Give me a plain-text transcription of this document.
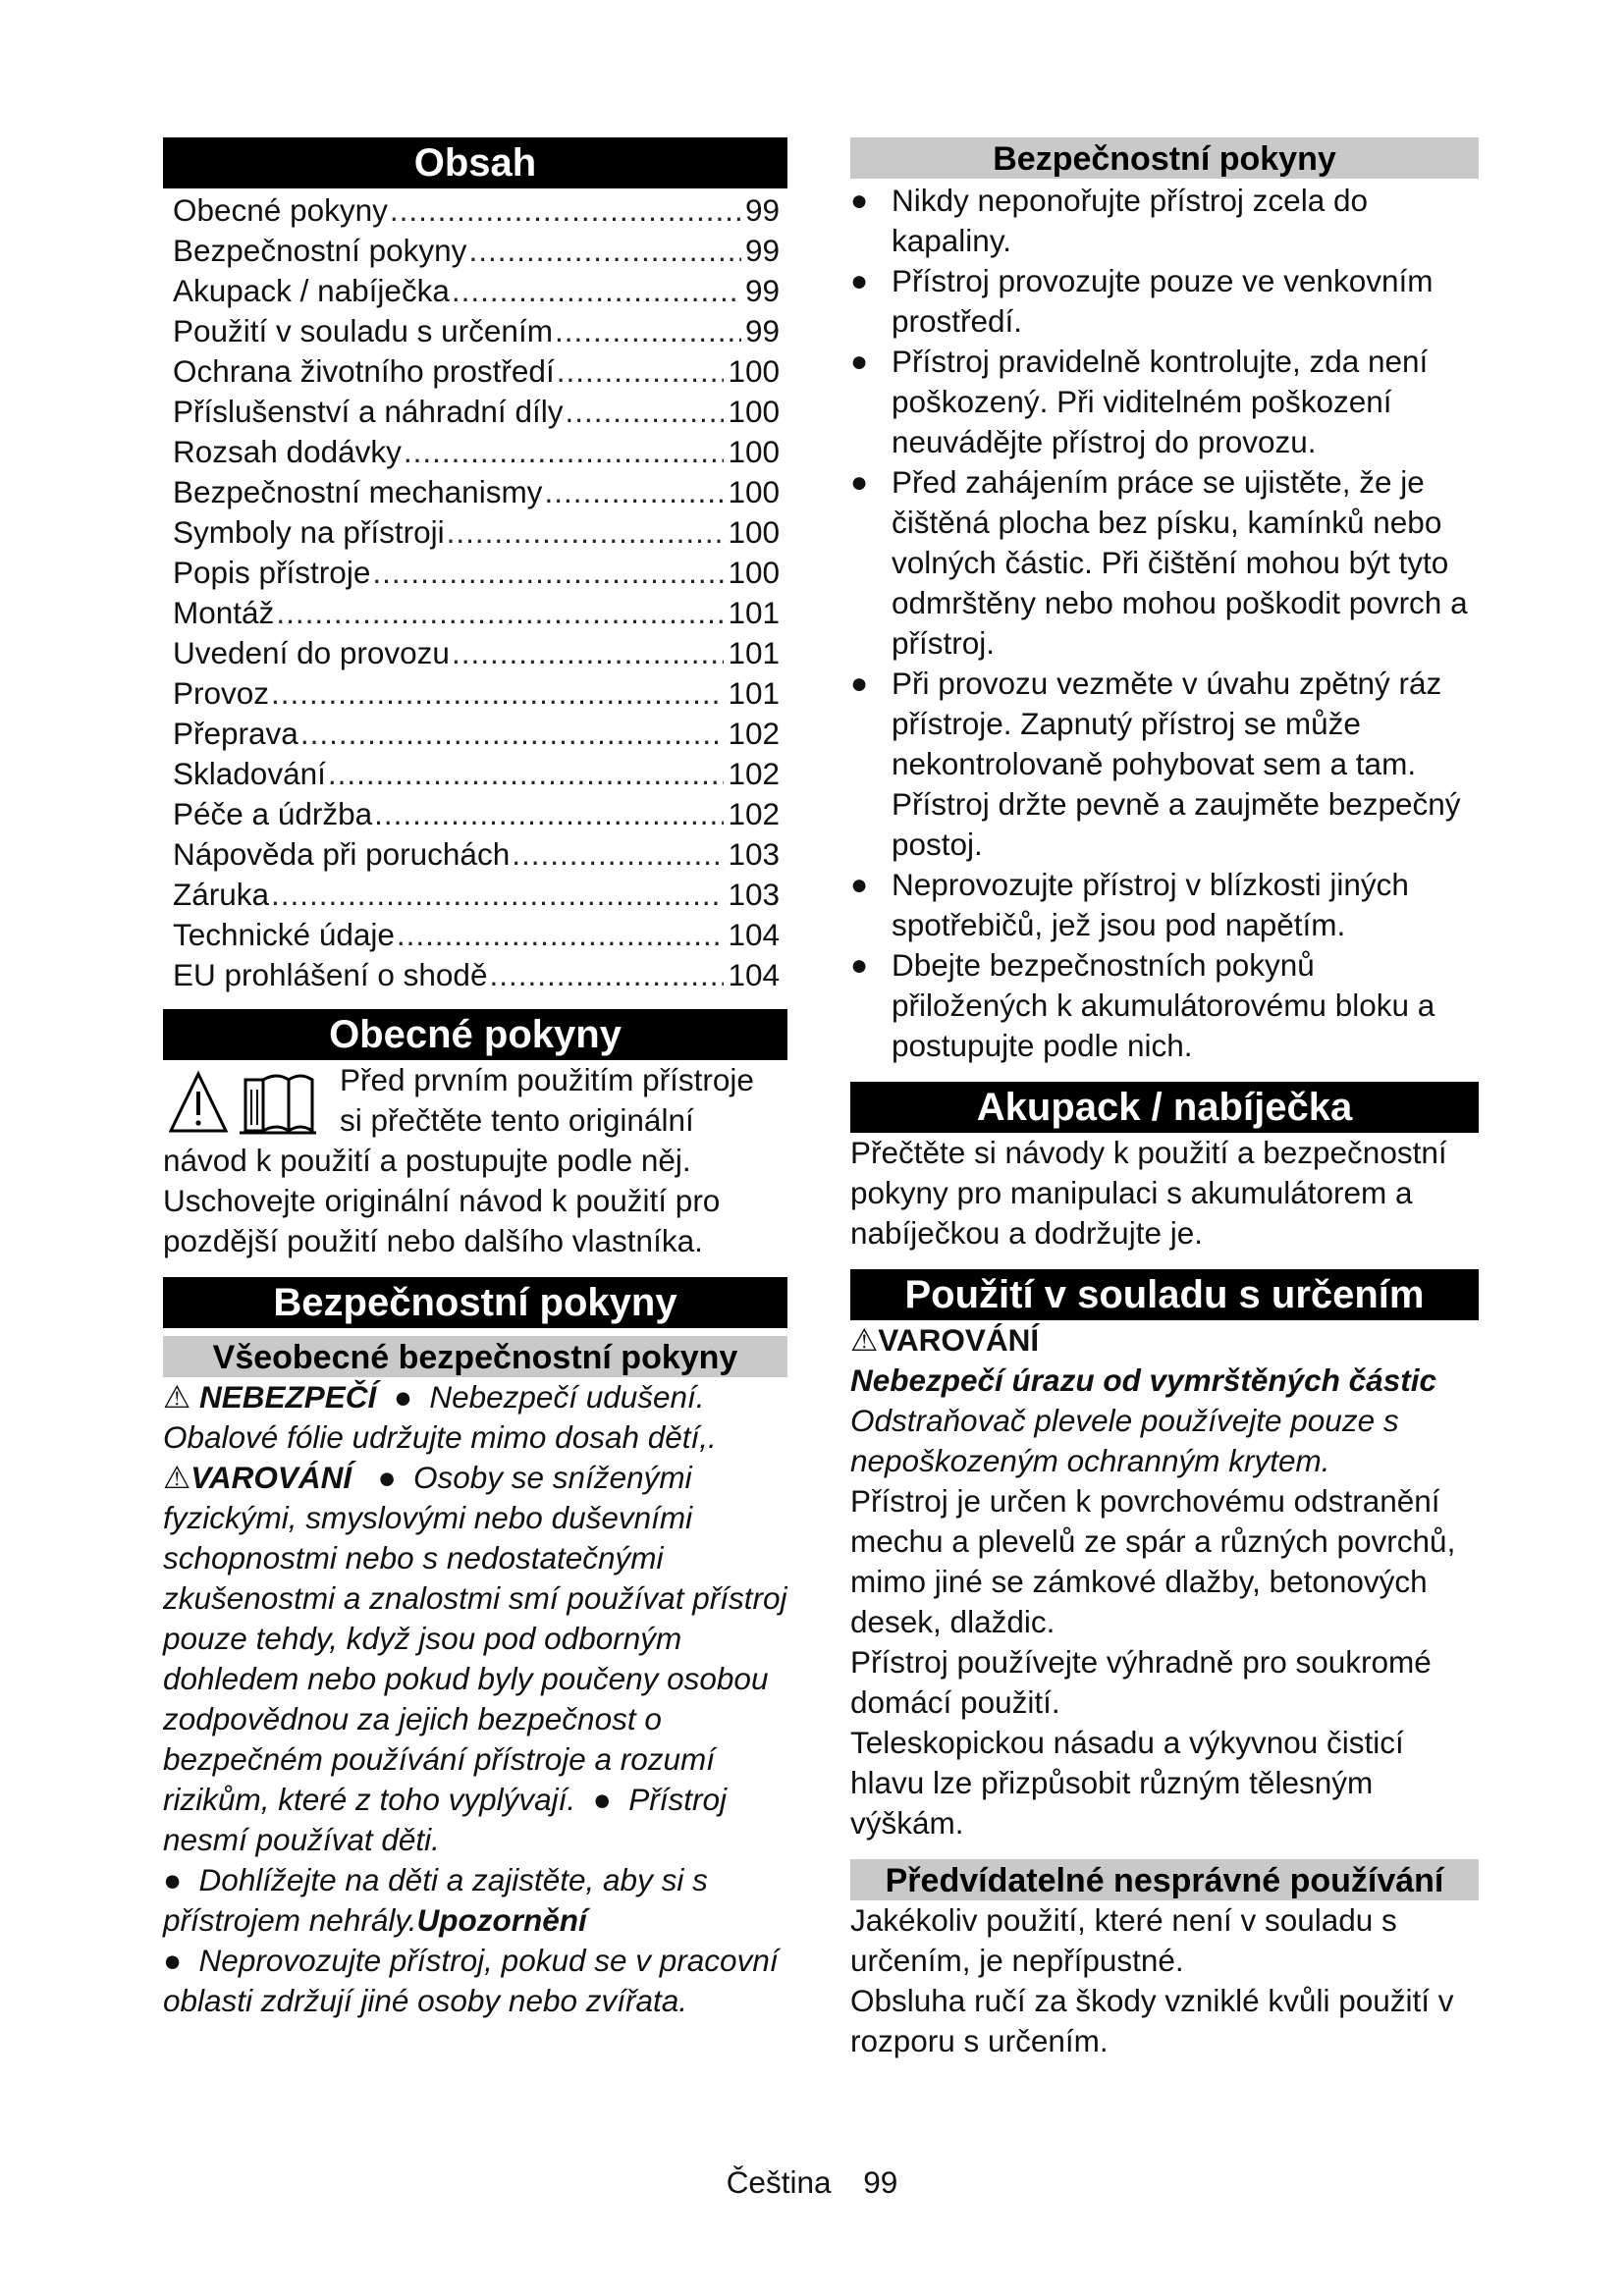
Obsah
Obecné pokyny .....	99
Bezpečnostní pokyny .....	99
Akupack / nabíječka .....	99
Použití v souladu s určením .....	99
Ochrana životního prostředí .....	100
Příslušenství a náhradní díly .....	100
Rozsah dodávky .....	100
Bezpečnostní mechanismy .....	100
Symboly na přístroji .....	100
Popis přístroje .....	100
Montáž .....	101
Uvedení do provozu .....	101
Provoz .....	101
Přeprava .....	102
Skladování .....	102
Péče a údržba .....	102
Nápověda při poruchách .....	103
Záruka .....	103
Technické údaje .....	104
EU prohlášení o shodě .....	104
Obecné pokyny
Před prvním použitím přístroje
si přečtěte tento originální
návod k použití a postupujte podle něj. Uschovejte originální návod k použití pro pozdější použití nebo dalšího vlastníka.
Bezpečnostní pokyny
Všeobecné bezpečnostní pokyny
⚠ NEBEZPEČÍ  ●  Nebezpečí udušení. Obalové fólie udržujte mimo dosah dětí,.
⚠VAROVÁNÍ   ●  Osoby se sníženými fyzickými, smyslovými nebo duševními schopnostmi nebo s nedostatečnými zkušenostmi a znalostmi smí používat přístroj pouze tehdy, když jsou pod odborným dohledem nebo pokud byly poučeny osobou zodpovědnou za jejich bezpečnost o bezpečném používání přístroje a rozumí rizikům, které z toho vyplývají.  ●  Přístroj nesmí používat děti.
●  Dohlížejte na děti a zajistěte, aby si s přístrojem nehrály.Upozornění
●  Neprovozujte přístroj, pokud se v pracovní oblasti zdržují jiné osoby nebo zvířata.
Bezpečnostní pokyny
● Nikdy neponořujte přístroj zcela do kapaliny.
● Přístroj provozujte pouze ve venkovním prostředí.
● Přístroj pravidelně kontrolujte, zda není poškozený. Při viditelném poškození neuvádějte přístroj do provozu.
● Před zahájením práce se ujistěte, že je čištěná plocha bez písku, kamínků nebo volných částic. Při čištění mohou být tyto odmrštěny nebo mohou poškodit povrch a přístroj.
● Při provozu vezměte v úvahu zpětný ráz přístroje. Zapnutý přístroj se může nekontrolovaně pohybovat sem a tam. Přístroj držte pevně a zaujměte bezpečný postoj.
● Neprovozujte přístroj v blízkosti jiných spotřebičů, jež jsou pod napětím.
● Dbejte bezpečnostních pokynů přiložených k akumulátorovému bloku a postupujte podle nich.
Akupack / nabíječka
Přečtěte si návody k použití a bezpečnostní pokyny pro manipulaci s akumulátorem a nabíječkou a dodržujte je.
Použití v souladu s určením
⚠VAROVÁNÍ
Nebezpečí úrazu od vymrštěných částic
Odstraňovač plevele používejte pouze s nepoškozeným ochranným krytem.
Přístroj je určen k povrchovému odstranění mechu a plevelů ze spár a různých povrchů, mimo jiné se zámkové dlažby, betonových desek, dlaždic.
Přístroj používejte výhradně pro soukromé domácí použití.
Teleskopickou násadu a výkyvnou čisticí hlavu lze přizpůsobit různým tělesným výškám.
Předvídatelné nesprávné používání
Jakékoliv použití, které není v souladu s určením, je nepřípustné.
Obsluha ručí za škody vzniklé kvůli použití v rozporu s určením.
Čeština 99
